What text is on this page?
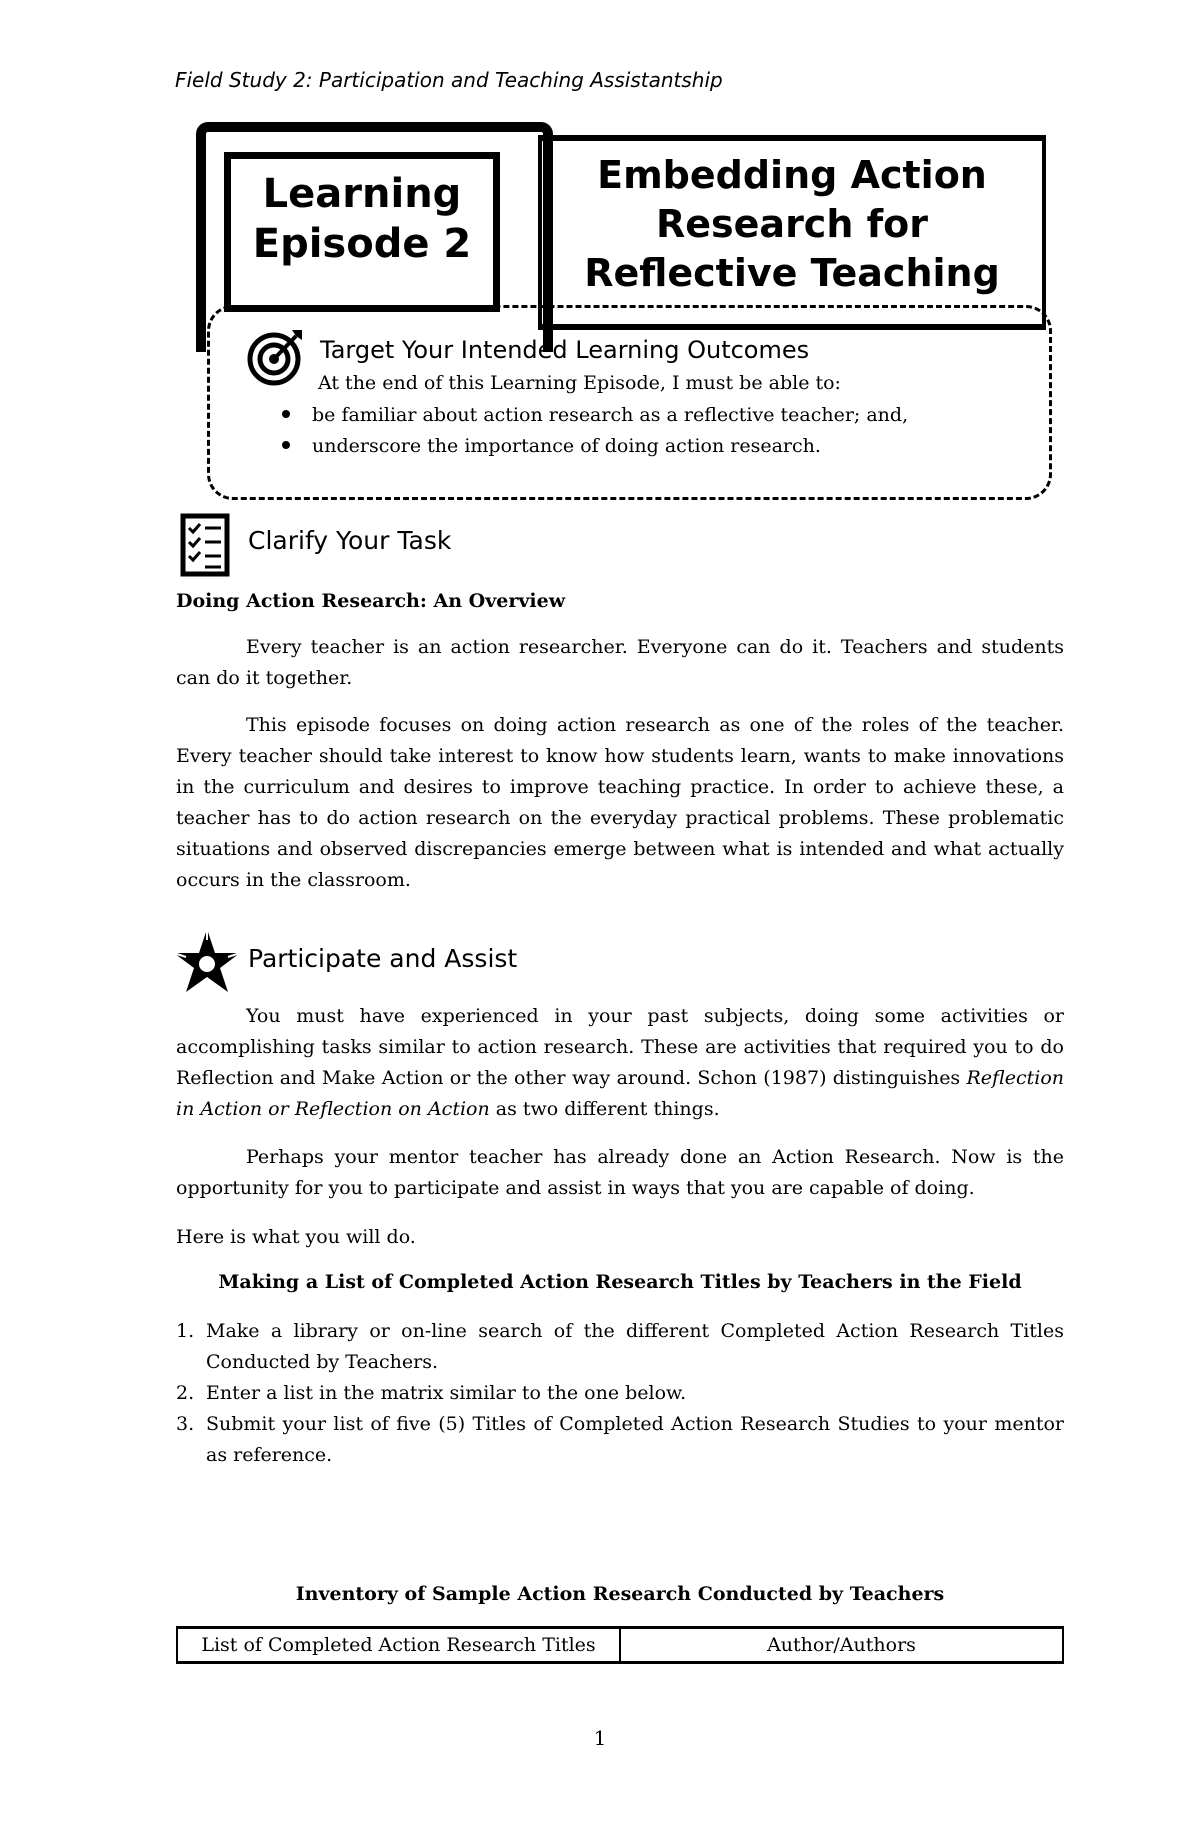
Field Study 2: Participation and Teaching Assistantship
Learning
Episode 2
Embedding Action
Research for
Reflective Teaching
Target Your Intended Learning Outcomes
At the end of this Learning Episode, I must be able to:
be familiar about action research as a reflective teacher; and,
underscore the importance of doing action research.
Clarify Your Task
Doing Action Research: An Overview
Every teacher is an action researcher. Everyone can do it. Teachers and students can do it together.
This episode focuses on doing action research as one of the roles of the teacher. Every teacher should take interest to know how students learn, wants to make innovations in the curriculum and desires to improve teaching practice. In order to achieve these, a teacher has to do action research on the everyday practical problems. These problematic situations and observed discrepancies emerge between what is intended and what actually occurs in the classroom.
Participate and Assist
You must have experienced in your past subjects, doing some activities or accomplishing tasks similar to action research. These are activities that required you to do Reflection and Make Action or the other way around. Schon (1987) distinguishes Reflection in Action or Reflection on Action as two different things.
Perhaps your mentor teacher has already done an Action Research. Now is the opportunity for you to participate and assist in ways that you are capable of doing.
Here is what you will do.
Making a List of Completed Action Research Titles by Teachers in the Field
1. Make a library or on-line search of the different Completed Action Research Titles Conducted by Teachers.
2. Enter a list in the matrix similar to the one below.
3. Submit your list of five (5) Titles of Completed Action Research Studies to your mentor as reference.
Inventory of Sample Action Research Conducted by Teachers
List of Completed Action Research Titles	Author/Authors
1
